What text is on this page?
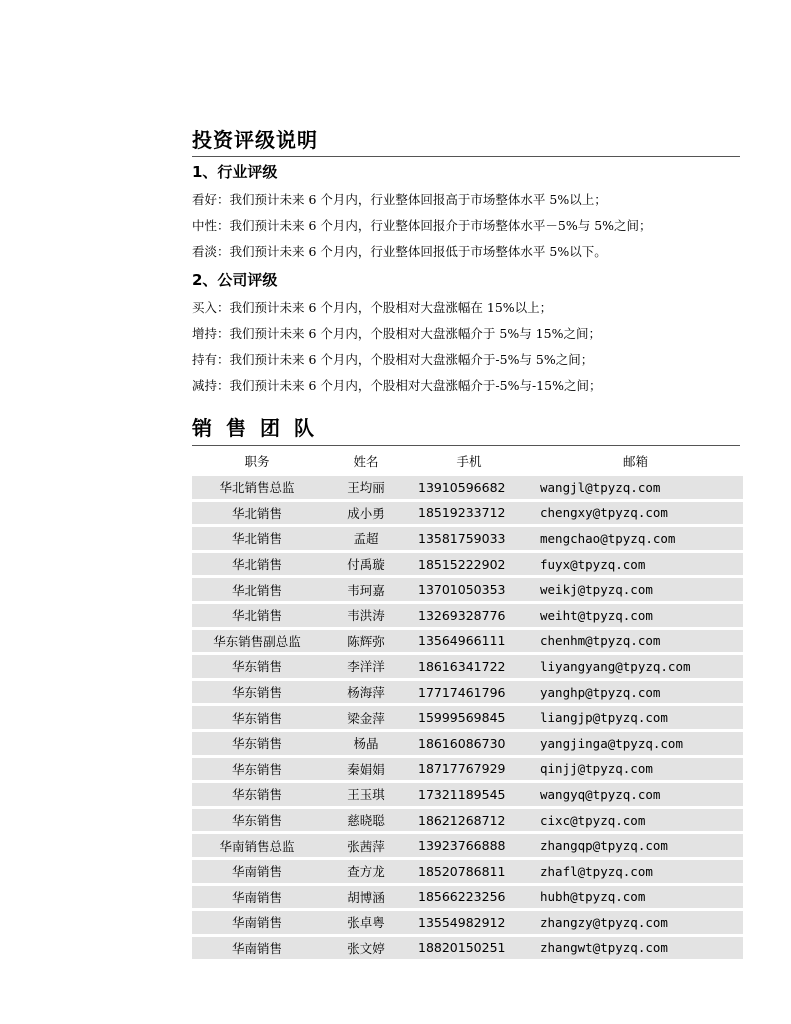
投资评级说明
1、行业评级
看好：我们预计未来 6 个月内，行业整体回报高于市场整体水平 5%以上；
中性：我们预计未来 6 个月内，行业整体回报介于市场整体水平－5%与 5%之间；
看淡：我们预计未来 6 个月内，行业整体回报低于市场整体水平 5%以下。
2、公司评级
买入：我们预计未来 6 个月内，个股相对大盘涨幅在 15%以上；
增持：我们预计未来 6 个月内，个股相对大盘涨幅介于 5%与 15%之间；
持有：我们预计未来 6 个月内，个股相对大盘涨幅介于-5%与 5%之间；
减持：我们预计未来 6 个月内，个股相对大盘涨幅介于-5%与-15%之间；
销售团队
职务	姓名	手机	邮箱
华北销售总监	王均丽	13910596682	wangjl@tpyzq.com
华北销售	成小勇	18519233712	chengxy@tpyzq.com
华北销售	孟超	13581759033	mengchao@tpyzq.com
华北销售	付禹璇	18515222902	fuyx@tpyzq.com
华北销售	韦珂嘉	13701050353	weikj@tpyzq.com
华北销售	韦洪涛	13269328776	weiht@tpyzq.com
华东销售副总监	陈辉弥	13564966111	chenhm@tpyzq.com
华东销售	李洋洋	18616341722	liyangyang@tpyzq.com
华东销售	杨海萍	17717461796	yanghp@tpyzq.com
华东销售	梁金萍	15999569845	liangjp@tpyzq.com
华东销售	杨晶	18616086730	yangjinga@tpyzq.com
华东销售	秦娟娟	18717767929	qinjj@tpyzq.com
华东销售	王玉琪	17321189545	wangyq@tpyzq.com
华东销售	慈晓聪	18621268712	cixc@tpyzq.com
华南销售总监	张茜萍	13923766888	zhangqp@tpyzq.com
华南销售	查方龙	18520786811	zhafl@tpyzq.com
华南销售	胡博涵	18566223256	hubh@tpyzq.com
华南销售	张卓粤	13554982912	zhangzy@tpyzq.com
华南销售	张文婷	18820150251	zhangwt@tpyzq.com
